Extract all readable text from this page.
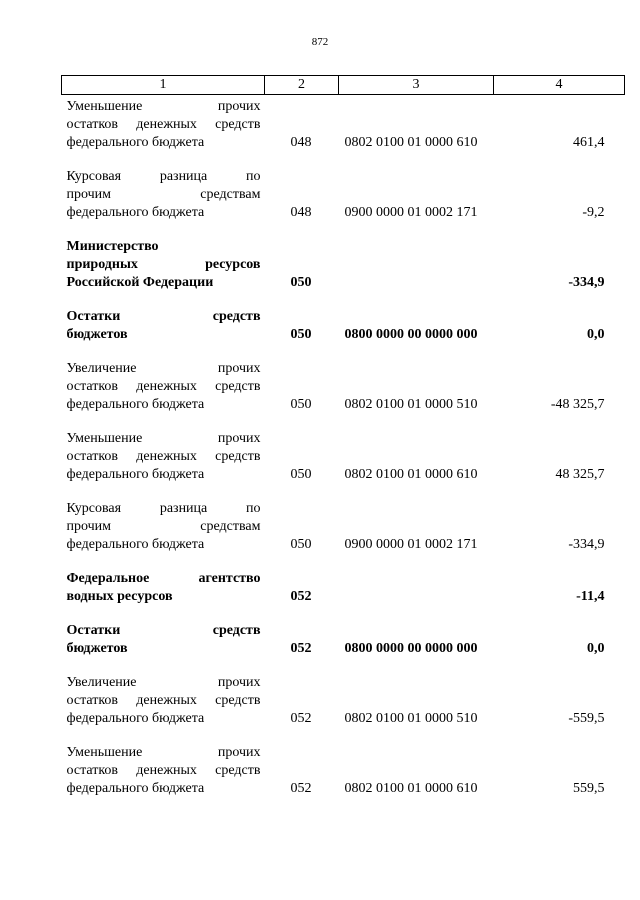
872
1	2	3	4

Уменьшение прочих
остатков денежных средств
федерального бюджета	048	0802 0100 01 0000 610	461,4

Курсовая разница по
прочим средствам
федерального бюджета	048	0900 0000 01 0002 171	-9,2

Министерство
природных ресурсов
Российской Федерации	050		-334,9

Остатки средств
бюджетов	050	0800 0000 00 0000 000	0,0

Увеличение прочих
остатков денежных средств
федерального бюджета	050	0802 0100 01 0000 510	-48 325,7

Уменьшение прочих
остатков денежных средств
федерального бюджета	050	0802 0100 01 0000 610	48 325,7

Курсовая разница по
прочим средствам
федерального бюджета	050	0900 0000 01 0002 171	-334,9

Федеральное агентство
водных ресурсов	052		-11,4

Остатки средств
бюджетов	052	0800 0000 00 0000 000	0,0

Увеличение прочих
остатков денежных средств
федерального бюджета	052	0802 0100 01 0000 510	-559,5

Уменьшение прочих
остатков денежных средств
федерального бюджета	052	0802 0100 01 0000 610	559,5
